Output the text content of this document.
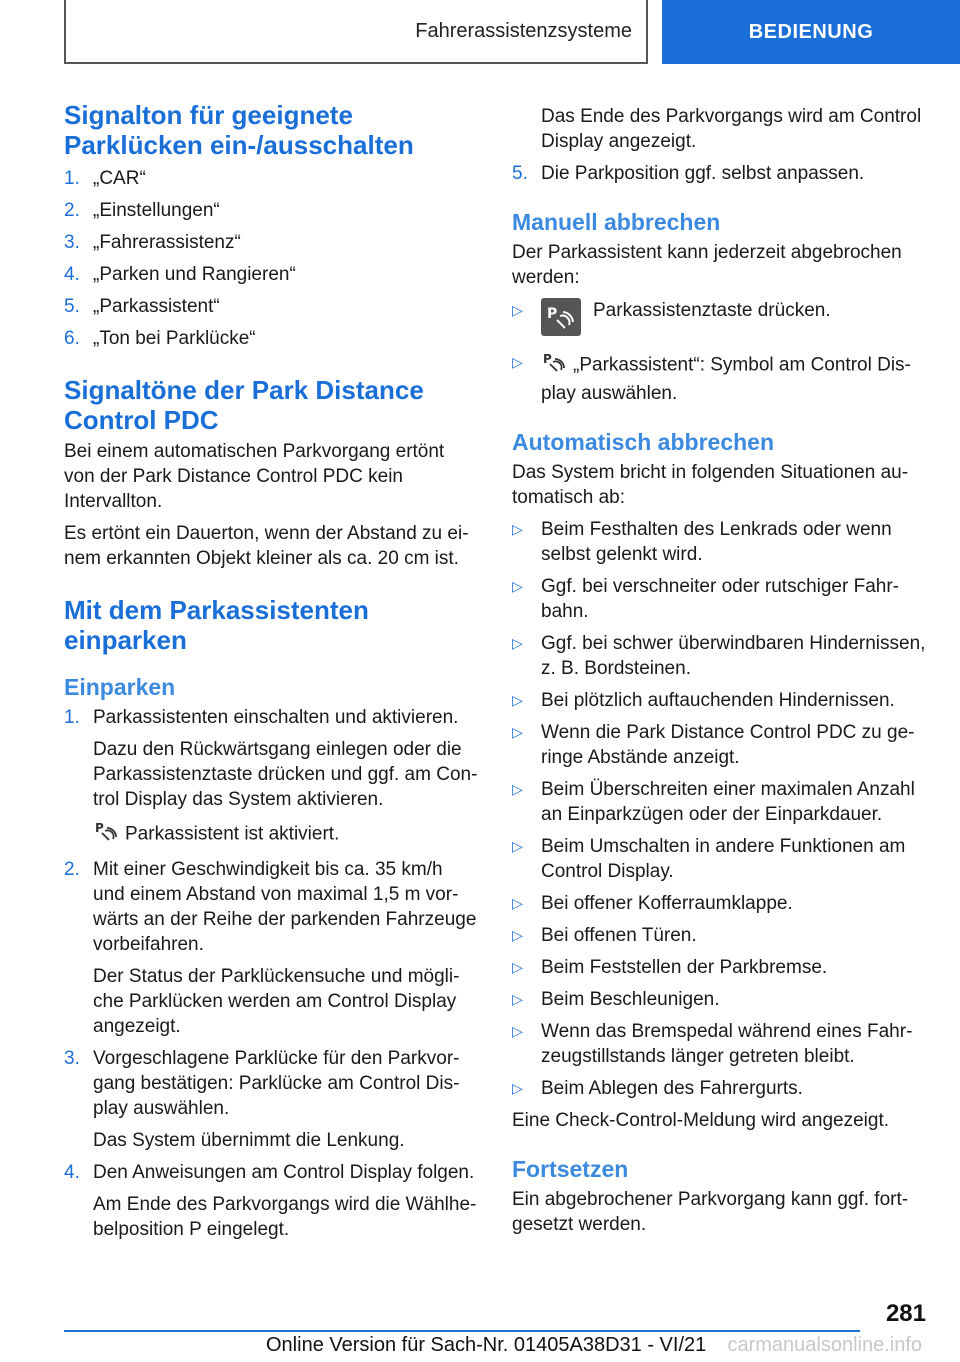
Fahrerassistenzsysteme	BEDIENUNG
Signalton für geeignete Parklücken ein-/ausschalten
1. „CAR“
2. „Einstellungen“
3. „Fahrerassistenz“
4. „Parken und Rangieren“
5. „Parkassistent“
6. „Ton bei Parklücke“
Signaltöne der Park Distance Control PDC

Bei einem automatischen Parkvorgang ertönt von der Park Distance Control PDC kein Intervallton.

Es ertönt ein Dauerton, wenn der Abstand zu einem erkannten Objekt kleiner als ca. 20 cm ist.

Mit dem Parkassistenten einparken
Einparken
1. Parkassistenten einschalten und aktivieren.
Dazu den Rückwärtsgang einlegen oder die Parkassistenztaste drücken und ggf. am Control Display das System aktivieren.
P Parkassistent ist aktiviert.
2. Mit einer Geschwindigkeit bis ca. 35 km/h und einem Abstand von maximal 1,5 m vorwärts an der Reihe der parkenden Fahrzeuge vorbeifahren.
Der Status der Parklückensuche und mögliche Parklücken werden am Control Display angezeigt.
3. Vorgeschlagene Parklücke für den Parkvorgang bestätigen: Parklücke am Control Display auswählen.
Das System übernimmt die Lenkung.
4. Den Anweisungen am Control Display folgen.
Am Ende des Parkvorgangs wird die Wählhebelposition P eingelegt.

Das Ende des Parkvorgangs wird am Control Display angezeigt.

5. Die Parkposition ggf. selbst anpassen.
Manuell abbrechen

Der Parkassistent kann jederzeit abgebrochen werden:

▷ P Parkassistenztaste drücken.
▷ P „Parkassistent“: Symbol am Control Display auswählen.
Automatisch abbrechen

Das System bricht in folgenden Situationen automatisch ab:

▷ Beim Festhalten des Lenkrads oder wenn selbst gelenkt wird.
▷ Ggf. bei verschneiter oder rutschiger Fahrbahn.
▷ Ggf. bei schwer überwindbaren Hindernissen, z. B. Bordsteinen.
▷ Bei plötzlich auftauchenden Hindernissen.
▷ Wenn die Park Distance Control PDC zu geringe Abstände anzeigt.
▷ Beim Überschreiten einer maximalen Anzahl an Einparkzügen oder der Einparkdauer.
▷ Beim Umschalten in andere Funktionen am Control Display.
▷ Bei offener Kofferraumklappe.
▷ Bei offenen Türen.
▷ Beim Feststellen der Parkbremse.
▷ Beim Beschleunigen.
▷ Wenn das Bremspedal während eines Fahrzeugstillstands länger getreten bleibt.
▷ Beim Ablegen des Fahrergurts.

Eine Check-Control-Meldung wird angezeigt.

Fortsetzen

Ein abgebrochener Parkvorgang kann ggf. fortgesetzt werden.

281
Online Version für Sach-Nr. 01405A38D31 - VI/21 carmanualsonline.info
